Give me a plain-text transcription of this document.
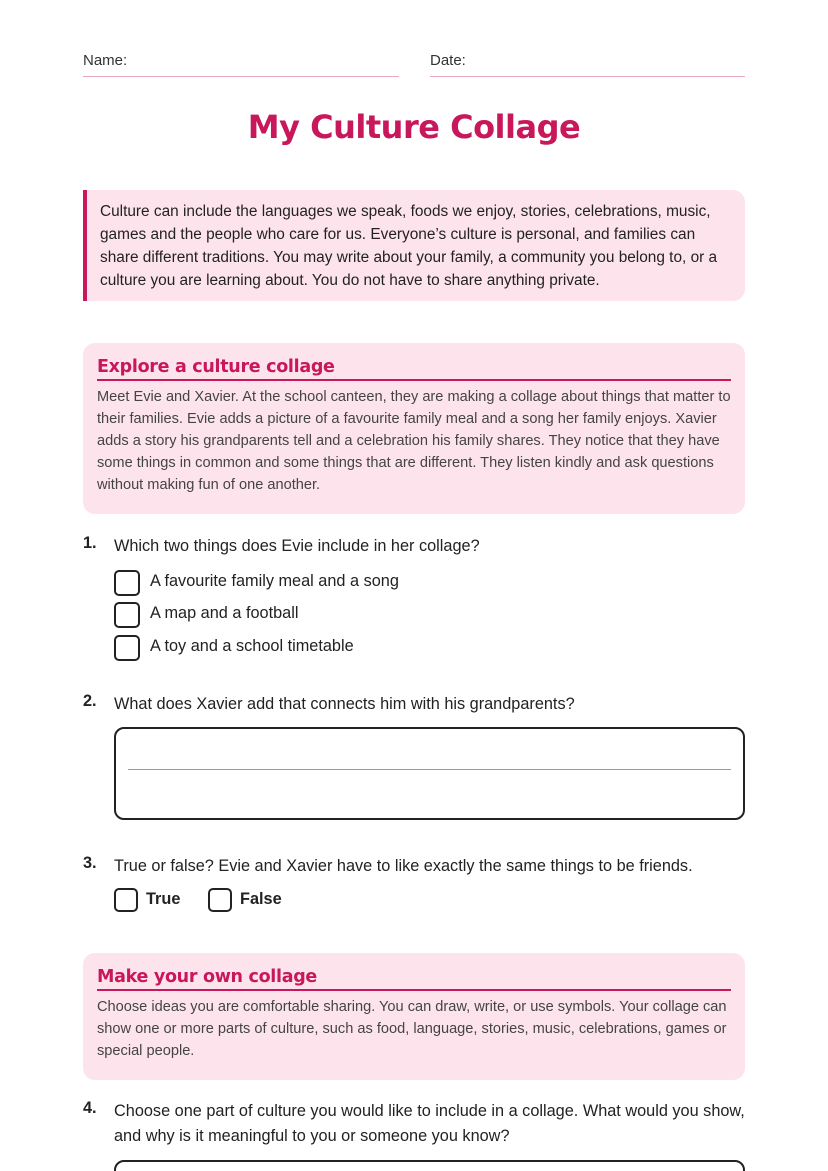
Name:	Date:
My Culture Collage
Culture can include the languages we speak, foods we enjoy, stories, celebrations, music, games and the people who care for us. Everyone’s culture is personal, and families can share different traditions. You may write about your family, a community you belong to, or a culture you are learning about. You do not have to share anything private.
Explore a culture collage

Meet Evie and Xavier. At the school canteen, they are making a collage about things that matter to their families. Evie adds a picture of a favourite family meal and a song her family enjoys. Xavier adds a story his grandparents tell and a celebration his family shares. They notice that they have some things in common and some things that are different. They listen kindly and ask questions without making fun of one another.

1. Which two things does Evie include in her collage?
A favourite family meal and a song
A map and a football
A toy and a school timetable
2. What does Xavier add that connects him with his grandparents?
3. True or false? Evie and Xavier have to like exactly the same things to be friends.
True	False
Make your own collage

Choose ideas you are comfortable sharing. You can draw, write, or use symbols. Your collage can show one or more parts of culture, such as food, language, stories, music, celebrations, games or special people.

4. Choose one part of culture you would like to include in a collage. What would you show, and why is it meaningful to you or someone you know?
